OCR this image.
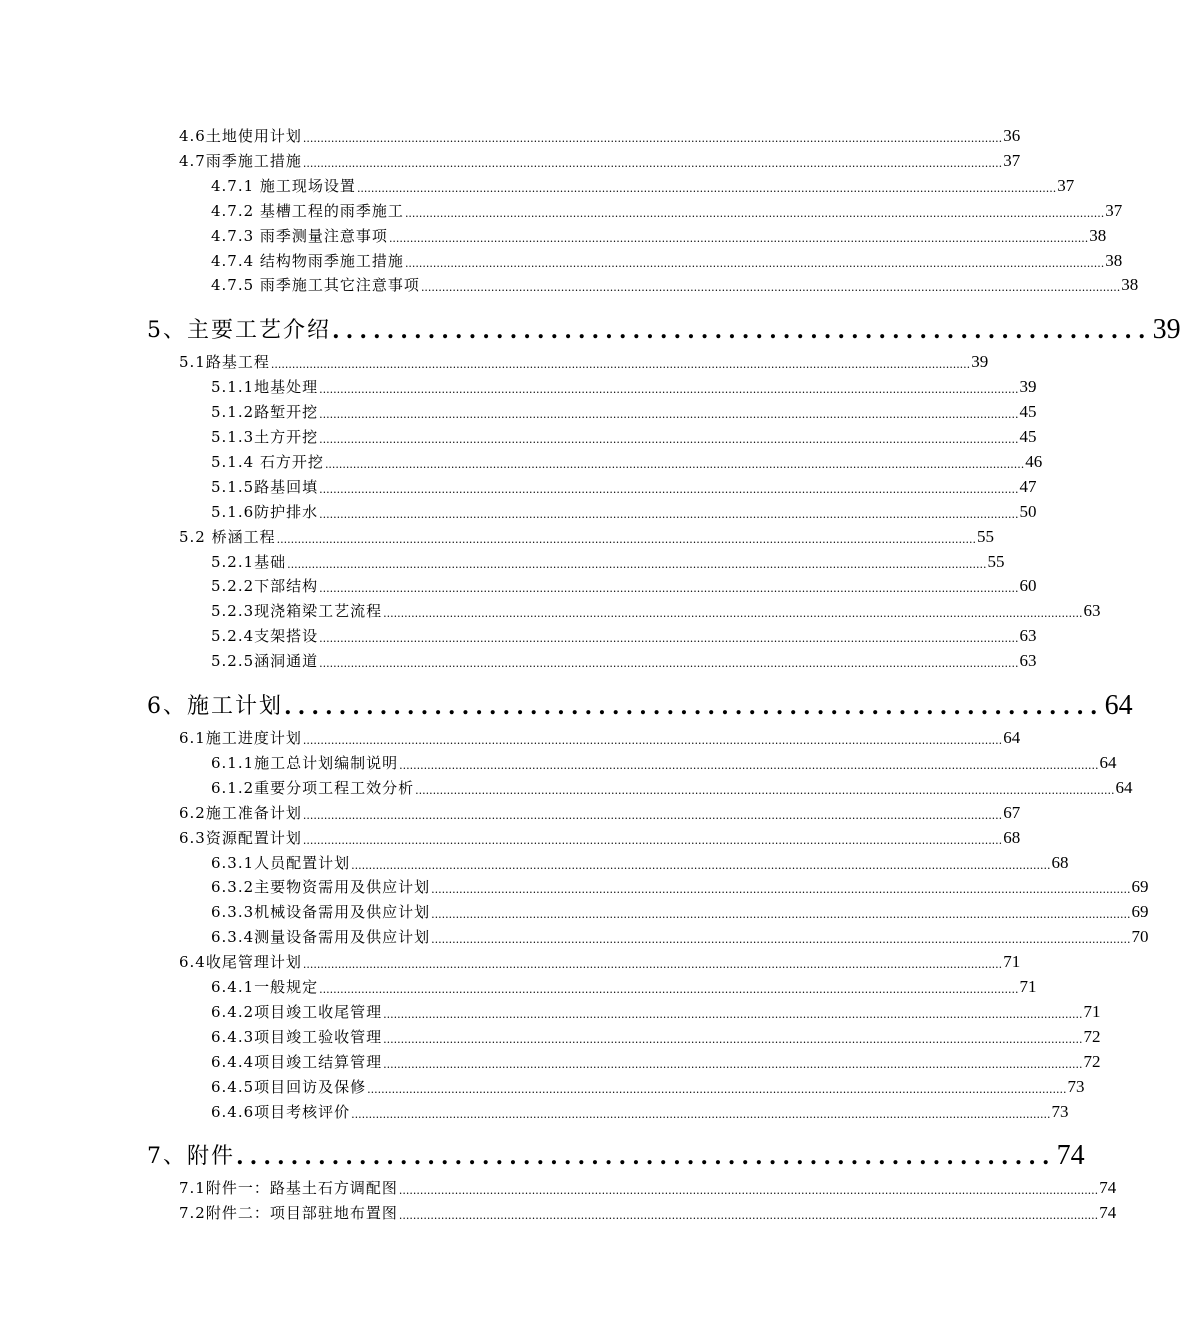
4.6土地使用计划 ........................................................................................................................................................................................................ 36
4.7雨季施工措施 ........................................................................................................................................................................................................ 37
4.7.1 施工现场设置 ........................................................................................................................................................................................................ 37
4.7.2 基槽工程的雨季施工 ........................................................................................................................................................................................................ 37
4.7.3 雨季测量注意事项 ........................................................................................................................................................................................................ 38
4.7.4 结构物雨季施工措施 ........................................................................................................................................................................................................ 38
4.7.5 雨季施工其它注意事项 ........................................................................................................................................................................................................ 38
5、主要工艺介绍 ............................................................ 39
5.1路基工程 ........................................................................................................................................................................................................ 39
5.1.1地基处理 ........................................................................................................................................................................................................ 39
5.1.2路堑开挖 ........................................................................................................................................................................................................ 45
5.1.3土方开挖 ........................................................................................................................................................................................................ 45
5.1.4 石方开挖 ........................................................................................................................................................................................................ 46
5.1.5路基回填 ........................................................................................................................................................................................................ 47
5.1.6防护排水 ........................................................................................................................................................................................................ 50
5.2 桥涵工程 ........................................................................................................................................................................................................ 55
5.2.1基础 ........................................................................................................................................................................................................ 55
5.2.2下部结构 ........................................................................................................................................................................................................ 60
5.2.3现浇箱梁工艺流程 ........................................................................................................................................................................................................ 63
5.2.4支架搭设 ........................................................................................................................................................................................................ 63
5.2.5涵洞通道 ........................................................................................................................................................................................................ 63
6、施工计划 ............................................................ 64
6.1施工进度计划 ........................................................................................................................................................................................................ 64
6.1.1施工总计划编制说明 ........................................................................................................................................................................................................ 64
6.1.2重要分项工程工效分析 ........................................................................................................................................................................................................ 64
6.2施工准备计划 ........................................................................................................................................................................................................ 67
6.3资源配置计划 ........................................................................................................................................................................................................ 68
6.3.1人员配置计划 ........................................................................................................................................................................................................ 68
6.3.2主要物资需用及供应计划 ........................................................................................................................................................................................................ 69
6.3.3机械设备需用及供应计划 ........................................................................................................................................................................................................ 69
6.3.4测量设备需用及供应计划 ........................................................................................................................................................................................................ 70
6.4收尾管理计划 ........................................................................................................................................................................................................ 71
6.4.1一般规定 ........................................................................................................................................................................................................ 71
6.4.2项目竣工收尾管理 ........................................................................................................................................................................................................ 71
6.4.3项目竣工验收管理 ........................................................................................................................................................................................................ 72
6.4.4项目竣工结算管理 ........................................................................................................................................................................................................ 72
6.4.5项目回访及保修 ........................................................................................................................................................................................................ 73
6.4.6项目考核评价 ........................................................................................................................................................................................................ 73
7、附件 ............................................................ 74
7.1附件一：路基土石方调配图 ........................................................................................................................................................................................................ 74
7.2附件二：项目部驻地布置图 ........................................................................................................................................................................................................ 74
